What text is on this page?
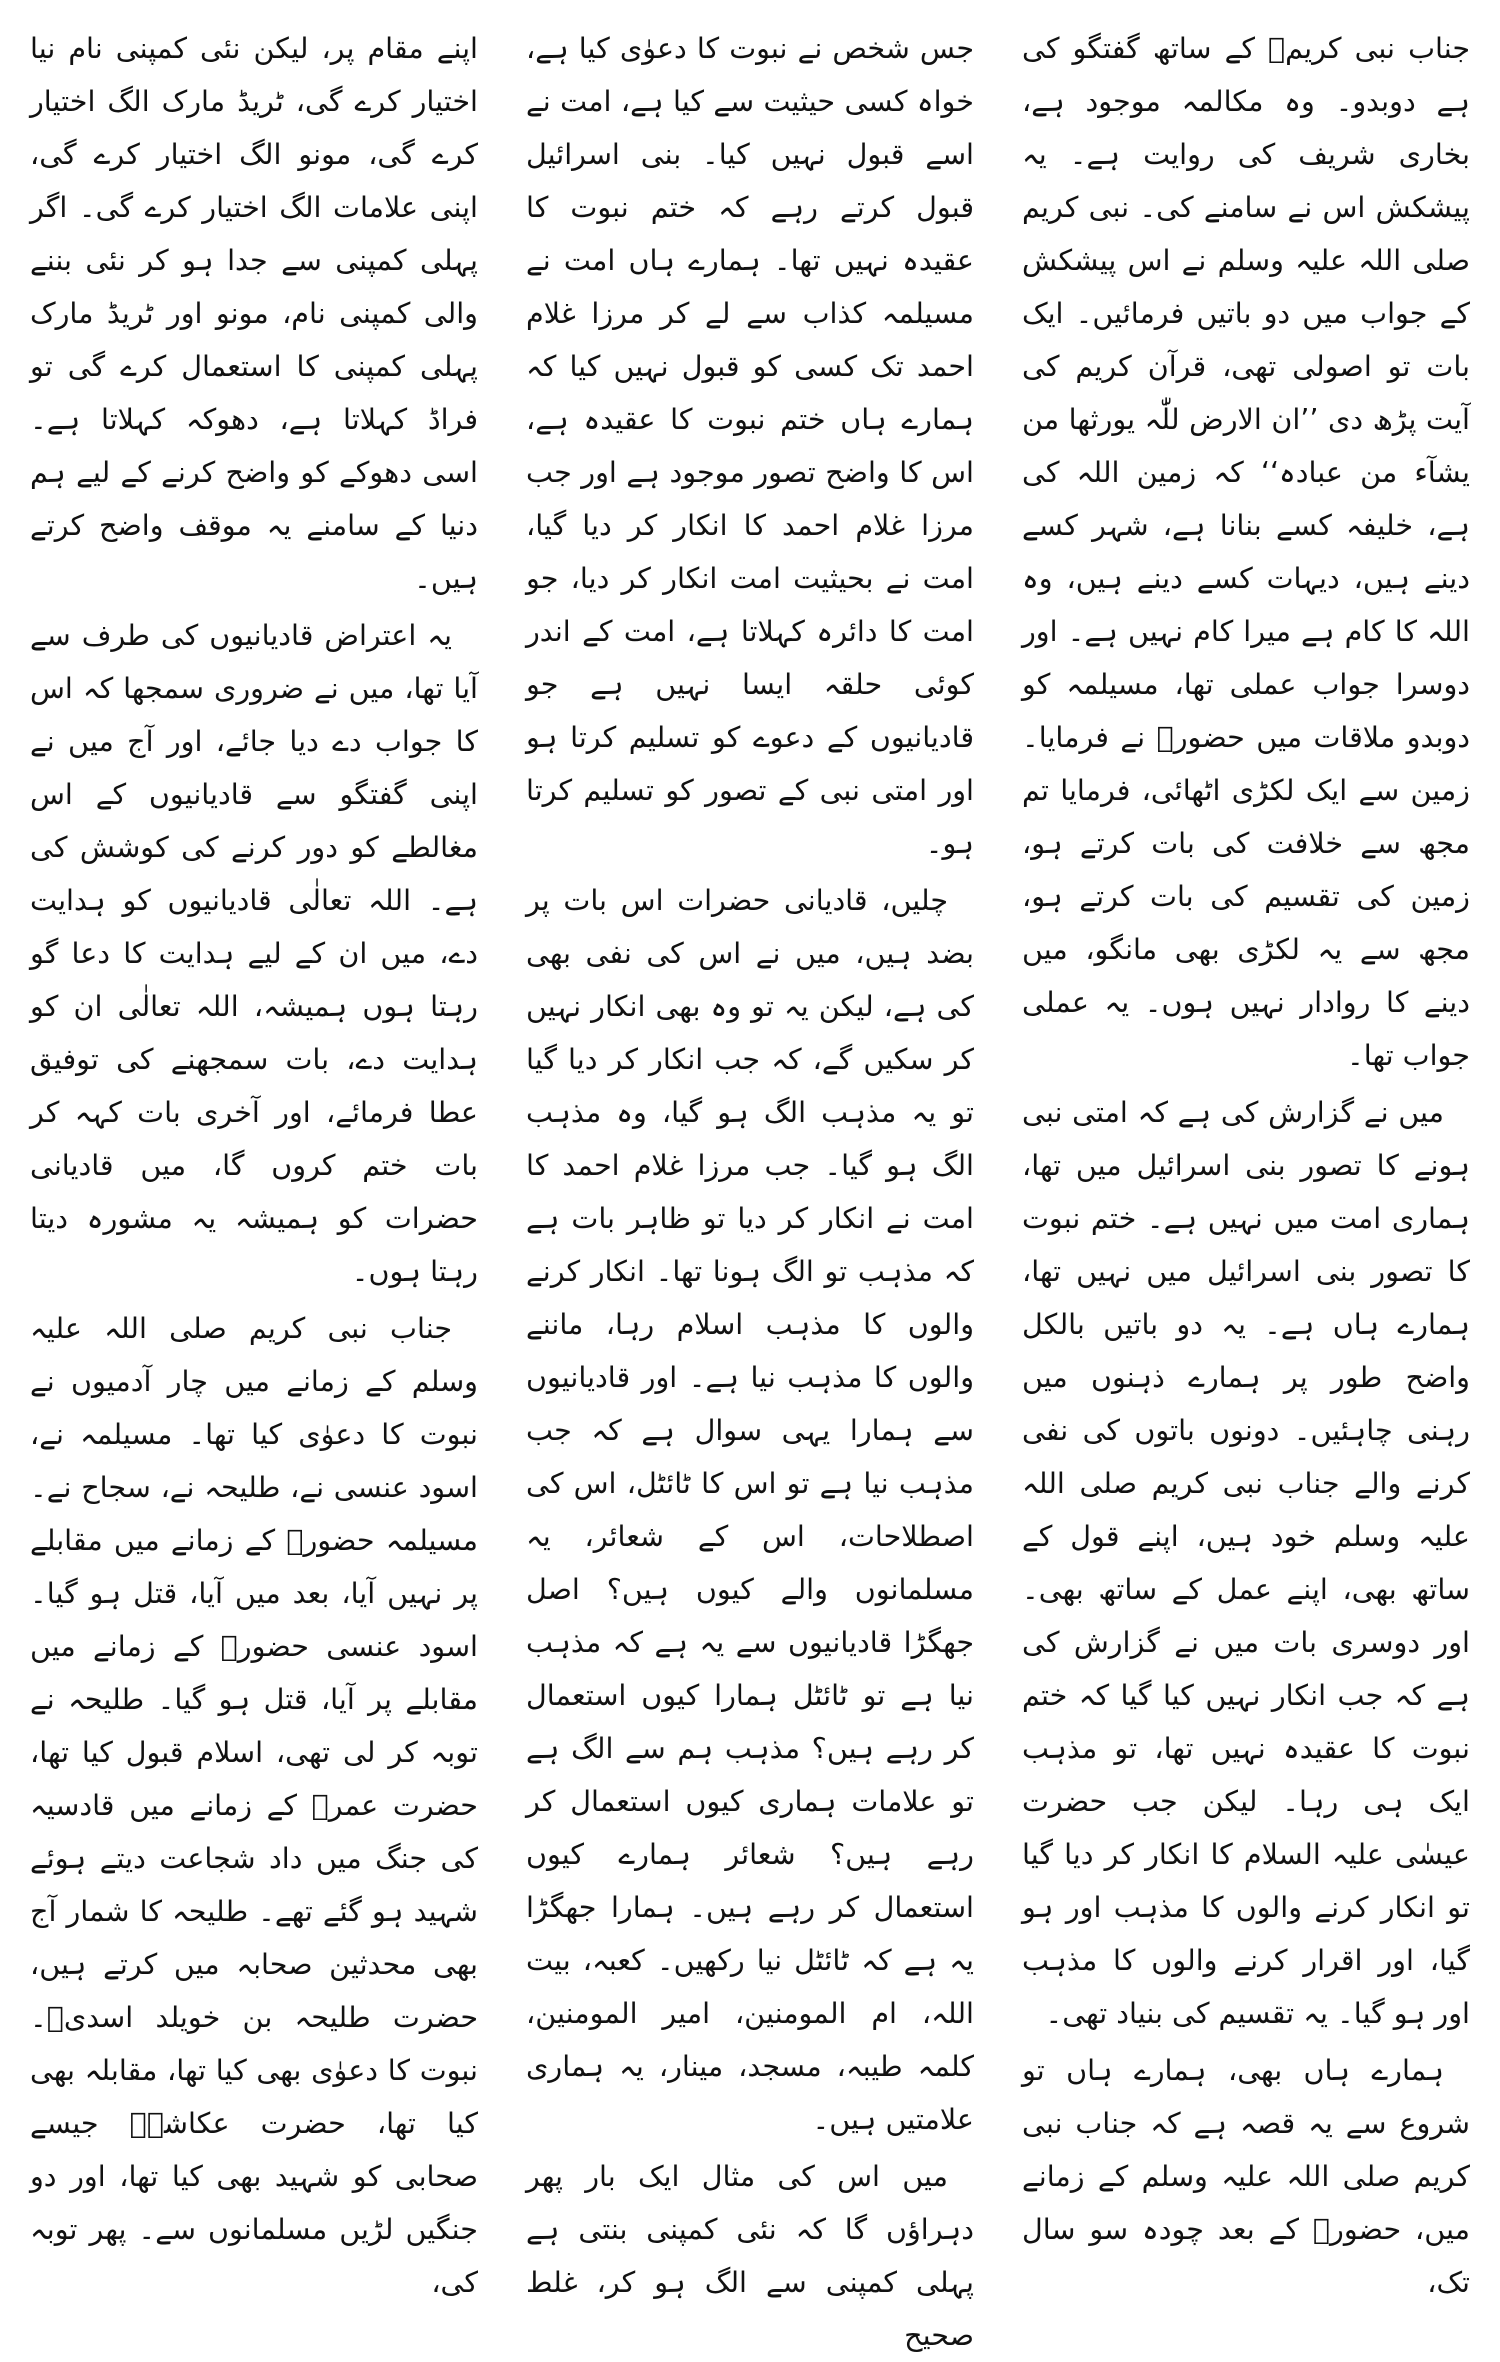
جناب نبی کریمؐ کے ساتھ گفتگو کی ہے دوبدو۔ وہ مکالمہ موجود ہے، بخاری شریف کی روایت ہے۔ یہ پیشکش اس نے سامنے کی۔ نبی کریم صلی اللہ علیہ وسلم نے اس پیشکش کے جواب میں دو باتیں فرمائیں۔ ایک بات تو اصولی تھی، قرآن کریم کی آیت پڑھ دی ’’ان الارض للّٰہ یورثھا من یشآء من عبادہ‘‘ کہ زمین اللہ کی ہے، خلیفہ کسے بنانا ہے، شہر کسے دینے ہیں، دیہات کسے دینے ہیں، وہ اللہ کا کام ہے میرا کام نہیں ہے۔ اور دوسرا جواب عملی تھا، مسیلمہ کو دوبدو ملاقات میں حضورؐ نے فرمایا۔ زمین سے ایک لکڑی اٹھائی، فرمایا تم مجھ سے خلافت کی بات کرتے ہو، زمین کی تقسیم کی بات کرتے ہو، مجھ سے یہ لکڑی بھی مانگو، میں دینے کا روادار نہیں ہوں۔ یہ عملی جواب تھا۔

میں نے گزارش کی ہے کہ امتی نبی ہونے کا تصور بنی اسرائیل میں تھا، ہماری امت میں نہیں ہے۔ ختم نبوت کا تصور بنی اسرائیل میں نہیں تھا، ہمارے ہاں ہے۔ یہ دو باتیں بالکل واضح طور پر ہمارے ذہنوں میں رہنی چاہئیں۔ دونوں باتوں کی نفی کرنے والے جناب نبی کریم صلی اللہ علیہ وسلم خود ہیں، اپنے قول کے ساتھ بھی، اپنے عمل کے ساتھ بھی۔ اور دوسری بات میں نے گزارش کی ہے کہ جب انکار نہیں کیا گیا کہ ختم نبوت کا عقیدہ نہیں تھا، تو مذہب ایک ہی رہا۔ لیکن جب حضرت عیسٰی علیہ السلام کا انکار کر دیا گیا تو انکار کرنے والوں کا مذہب اور ہو گیا، اور اقرار کرنے والوں کا مذہب اور ہو گیا۔ یہ تقسیم کی بنیاد تھی۔

ہمارے ہاں بھی، ہمارے ہاں تو شروع سے یہ قصہ ہے کہ جناب نبی کریم صلی اللہ علیہ وسلم کے زمانے میں، حضورؐ کے بعد چودہ سو سال تک،

جس شخص نے نبوت کا دعوٰی کیا ہے، خواہ کسی حیثیت سے کیا ہے، امت نے اسے قبول نہیں کیا۔ بنی اسرائیل قبول کرتے رہے کہ ختم نبوت کا عقیدہ نہیں تھا۔ ہمارے ہاں امت نے مسیلمہ کذاب سے لے کر مرزا غلام احمد تک کسی کو قبول نہیں کیا کہ ہمارے ہاں ختم نبوت کا عقیدہ ہے، اس کا واضح تصور موجود ہے اور جب مرزا غلام احمد کا انکار کر دیا گیا، امت نے بحیثیت امت انکار کر دیا، جو امت کا دائرہ کہلاتا ہے، امت کے اندر کوئی حلقہ ایسا نہیں ہے جو قادیانیوں کے دعوے کو تسلیم کرتا ہو اور امتی نبی کے تصور کو تسلیم کرتا ہو۔

چلیں، قادیانی حضرات اس بات پر بضد ہیں، میں نے اس کی نفی بھی کی ہے، لیکن یہ تو وہ بھی انکار نہیں کر سکیں گے، کہ جب انکار کر دیا گیا تو یہ مذہب الگ ہو گیا، وہ مذہب الگ ہو گیا۔ جب مرزا غلام احمد کا امت نے انکار کر دیا تو ظاہر بات ہے کہ مذہب تو الگ ہونا تھا۔ انکار کرنے والوں کا مذہب اسلام رہا، ماننے والوں کا مذہب نیا ہے۔ اور قادیانیوں سے ہمارا یہی سوال ہے کہ جب مذہب نیا ہے تو اس کا ٹائٹل، اس کی اصطلاحات، اس کے شعائر، یہ مسلمانوں والے کیوں ہیں؟ اصل جھگڑا قادیانیوں سے یہ ہے کہ مذہب نیا ہے تو ٹائٹل ہمارا کیوں استعمال کر رہے ہیں؟ مذہب ہم سے الگ ہے تو علامات ہماری کیوں استعمال کر رہے ہیں؟ شعائر ہمارے کیوں استعمال کر رہے ہیں۔ ہمارا جھگڑا یہ ہے کہ ٹائٹل نیا رکھیں۔ کعبہ، بیت اللہ، ام المومنین، امیر المومنین، کلمہ طیبہ، مسجد، مینار، یہ ہماری علامتیں ہیں۔

میں اس کی مثال ایک بار پھر دہراؤں گا کہ نئی کمپنی بنتی ہے پہلی کمپنی سے الگ ہو کر، غلط صحیح

اپنے مقام پر، لیکن نئی کمپنی نام نیا اختیار کرے گی، ٹریڈ مارک الگ اختیار کرے گی، مونو الگ اختیار کرے گی، اپنی علامات الگ اختیار کرے گی۔ اگر پہلی کمپنی سے جدا ہو کر نئی بننے والی کمپنی نام، مونو اور ٹریڈ مارک پہلی کمپنی کا استعمال کرے گی تو فراڈ کہلاتا ہے، دھوکہ کہلاتا ہے۔ اسی دھوکے کو واضح کرنے کے لیے ہم دنیا کے سامنے یہ موقف واضح کرتے ہیں۔

یہ اعتراض قادیانیوں کی طرف سے آیا تھا، میں نے ضروری سمجھا کہ اس کا جواب دے دیا جائے، اور آج میں نے اپنی گفتگو سے قادیانیوں کے اس مغالطے کو دور کرنے کی کوشش کی ہے۔ اللہ تعالٰی قادیانیوں کو ہدایت دے، میں ان کے لیے ہدایت کا دعا گو رہتا ہوں ہمیشہ، اللہ تعالٰی ان کو ہدایت دے، بات سمجھنے کی توفیق عطا فرمائے، اور آخری بات کہہ کر بات ختم کروں گا، میں قادیانی حضرات کو ہمیشہ یہ مشورہ دیتا رہتا ہوں۔

جناب نبی کریم صلی اللہ علیہ وسلم کے زمانے میں چار آدمیوں نے نبوت کا دعوٰی کیا تھا۔ مسیلمہ نے، اسود عنسی نے، طلیحہ نے، سجاح نے۔ مسیلمہ حضورؐ کے زمانے میں مقابلے پر نہیں آیا، بعد میں آیا، قتل ہو گیا۔ اسود عنسی حضورؐ کے زمانے میں مقابلے پر آیا، قتل ہو گیا۔ طلیحہ نے توبہ کر لی تھی، اسلام قبول کیا تھا، حضرت عمرؓ کے زمانے میں قادسیہ کی جنگ میں داد شجاعت دیتے ہوئے شہید ہو گئے تھے۔ طلیحہ کا شمار آج بھی محدثین صحابہ میں کرتے ہیں، حضرت طلیحہ بن خویلد اسدیؓ۔ نبوت کا دعوٰی بھی کیا تھا، مقابلہ بھی کیا تھا، حضرت عکاشہؓ جیسے صحابی کو شہید بھی کیا تھا، اور دو جنگیں لڑیں مسلمانوں سے۔ پھر توبہ کی،
